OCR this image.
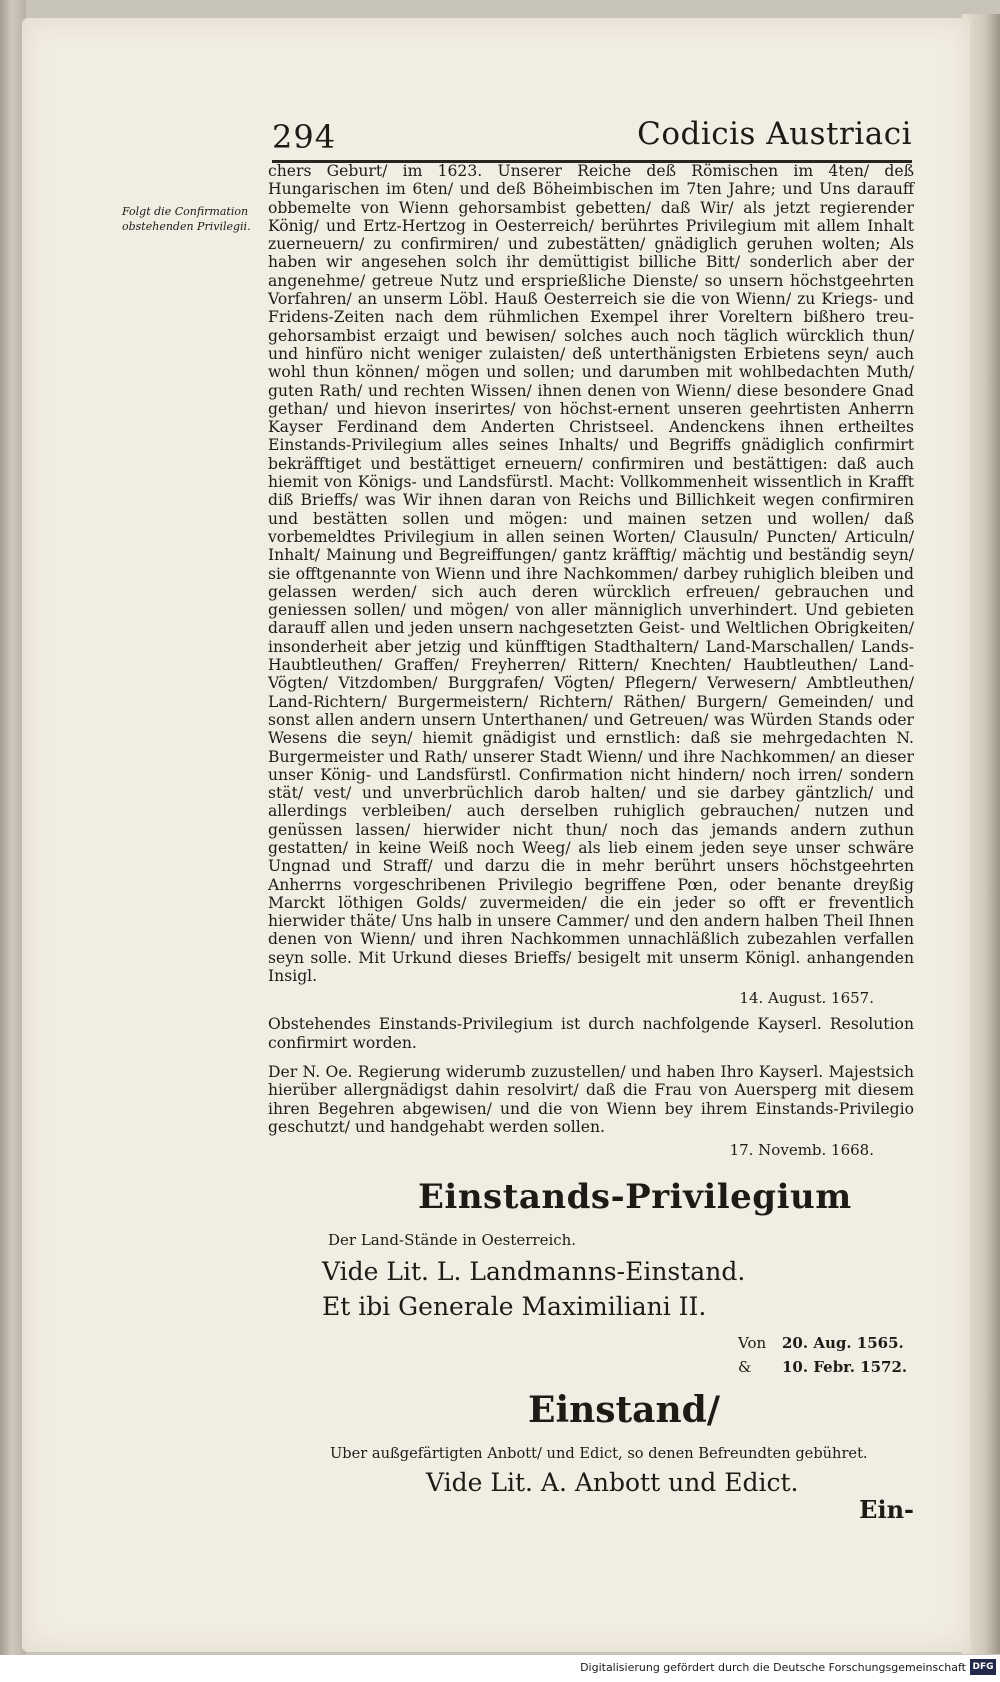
294	Codicis Austriaci
Folgt die Confirmation obstehenden Privilegii.

chers Geburt/ im 1623. Unserer Reiche deß Römischen im 4ten/ deß Hungarischen im 6ten/ und deß Böheimbischen im 7ten Jahre; und Uns darauff obbemelte von Wienn gehorsambist gebetten/ daß Wir/ als jetzt regierender König/ und Ertz-Hertzog in Oesterreich/ berührtes Privilegium mit allem Inhalt zuerneuern/ zu confirmiren/ und zubestätten/ gnädiglich geruhen wolten; Als haben wir angesehen solch ihr demüttigist billiche Bitt/ sonderlich aber der angenehme/ getreue Nutz und ersprießliche Dienste/ so unsern höchstgeehrten Vorfahren/ an unserm Löbl. Hauß Oesterreich sie die von Wienn/ zu Kriegs- und Fridens-Zeiten nach dem rühmlichen Exempel ihrer Voreltern bißhero treu- gehorsambist erzaigt und bewisen/ solches auch noch täglich würcklich thun/ und hinfüro nicht weniger zulaisten/ deß unterthänigsten Erbietens seyn/ auch wohl thun können/ mögen und sollen; und darumben mit wohlbedachten Muth/ guten Rath/ und rechten Wissen/ ihnen denen von Wienn/ diese besondere Gnad gethan/ und hievon inserirtes/ von höchst-ernent unseren geehrtisten Anherrn Kayser Ferdinand dem Anderten Christseel. Andenckens ihnen ertheiltes Einstands-Privilegium alles seines Inhalts/ und Begriffs gnädiglich confirmirt bekräfftiget und bestättiget erneuern/ confirmiren und bestättigen: daß auch hiemit von Königs- und Landsfürstl. Macht: Vollkommenheit wissentlich in Krafft diß Brieffs/ was Wir ihnen daran von Reichs und Billichkeit wegen confirmiren und bestätten sollen und mögen: und mainen setzen und wollen/ daß vorbemeldtes Privilegium in allen seinen Worten/ Clausuln/ Puncten/ Articuln/ Inhalt/ Mainung und Begreiffungen/ gantz kräfftig/ mächtig und beständig seyn/ sie offtgenannte von Wienn und ihre Nachkommen/ darbey ruhiglich bleiben und gelassen werden/ sich auch deren würcklich erfreuen/ gebrauchen und geniessen sollen/ und mögen/ von aller männiglich unverhindert. Und gebieten darauff allen und jeden unsern nachgesetzten Geist- und Weltlichen Obrigkeiten/ insonderheit aber jetzig und künfftigen Stadthaltern/ Land-Marschallen/ Lands-Haubtleuthen/ Graffen/ Freyherren/ Rittern/ Knechten/ Haubtleuthen/ Land-Vögten/ Vitzdomben/ Burggrafen/ Vögten/ Pflegern/ Verwesern/ Ambtleuthen/ Land-Richtern/ Burgermeistern/ Richtern/ Räthen/ Burgern/ Gemeinden/ und sonst allen andern unsern Unterthanen/ und Getreuen/ was Würden Stands oder Wesens die seyn/ hiemit gnädigist und ernstlich: daß sie mehrgedachten N. Burgermeister und Rath/ unserer Stadt Wienn/ und ihre Nachkommen/ an dieser unser König- und Landsfürstl. Confirmation nicht hindern/ noch irren/ sondern stät/ vest/ und unverbrüchlich darob halten/ und sie darbey gäntzlich/ und allerdings verbleiben/ auch derselben ruhiglich gebrauchen/ nutzen und genüssen lassen/ hierwider nicht thun/ noch das jemands andern zuthun gestatten/ in keine Weiß noch Weeg/ als lieb einem jeden seye unser schwäre Ungnad und Straff/ und darzu die in mehr berührt unsers höchstgeehrten Anherrns vorgeschribenen Privilegio begriffene Pœn, oder benante dreyßig Marckt löthigen Golds/ zuvermeiden/ die ein jeder so offt er freventlich hierwider thäte/ Uns halb in unsere Cammer/ und den andern halben Theil Ihnen denen von Wienn/ und ihren Nachkommen unnachläßlich zubezahlen verfallen seyn solle. Mit Urkund dieses Brieffs/ besigelt mit unserm Königl. anhangenden Insigl.

14. August. 1657.

Obstehendes Einstands-Privilegium ist durch nachfolgende Kayserl. Resolution confirmirt worden.

Der N. Oe. Regierung widerumb zuzustellen/ und haben Ihro Kayserl. Majestsich hierüber allergnädigst dahin resolvirt/ daß die Frau von Auersperg mit diesem ihren Begehren abgewisen/ und die von Wienn bey ihrem Einstands-Privilegio geschutzt/ und handgehabt werden sollen.

17. Novemb. 1668.
Einstands-Privilegium
Der Land-Stände in Oesterreich.
Vide Lit. L. Landmanns-Einstand.
Et ibi Generale Maximiliani II.
Von 20. Aug. 1565.
& 10. Febr. 1572.
Einstand/
Uber außgefärtigten Anbott/ und Edict, so denen Befreundten gebühret.
Vide Lit. A. Anbott und Edict.
Ein-
Digitalisierung gefördert durch die Deutsche Forschungsgemeinschaft DFG
